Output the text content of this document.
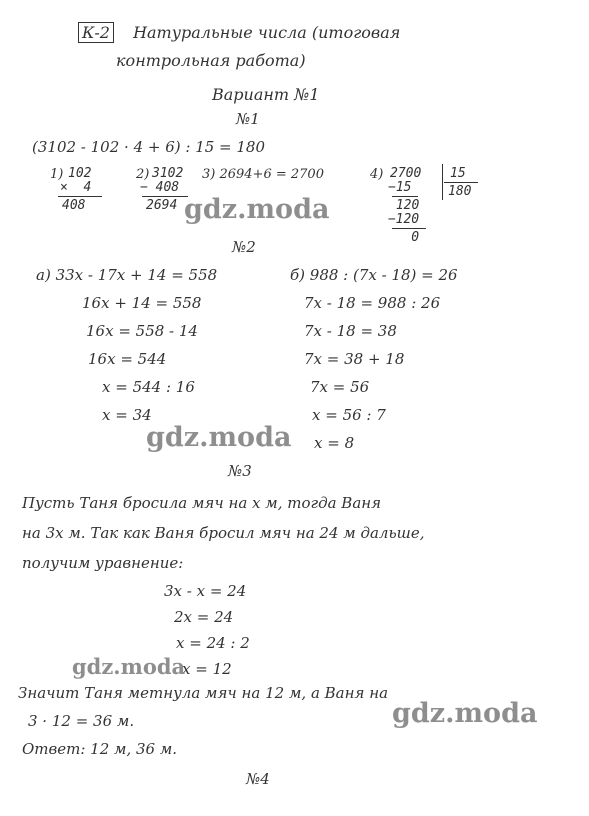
К-2 Натуральные числа (итоговая
контрольная работа)
Вариант №1
№1
(3102 - 102 · 4 + 6) : 15 = 180
1) 102
×  4
408
2) 3102
− 408
2694
3) 2694+6 = 2700	4) 2700
−15
120
−120
0
15
180
gdz.moda
№2
а) 33x - 17x + 14 = 558
16x + 14 = 558
16x = 558 - 14
16x = 544
x = 544 : 16
x = 34
б) 988 : (7x - 18) = 26
7x - 18 = 988 : 26
7x - 18 = 38
7x = 38 + 18
7x = 56
x = 56 : 7
x = 8
gdz.moda
№3
Пусть Таня бросила мяч на x м, тогда Ваня
на 3x м. Так как Ваня бросил мяч на 24 м дальше,
получим уравнение:
3x - x = 24
2x = 24
x = 24 : 2
x = 12
gdz.moda
Значит Таня метнула мяч на 12 м, а Ваня на
3 · 12 = 36 м.	gdz.moda
Ответ: 12 м, 36 м.
№4
